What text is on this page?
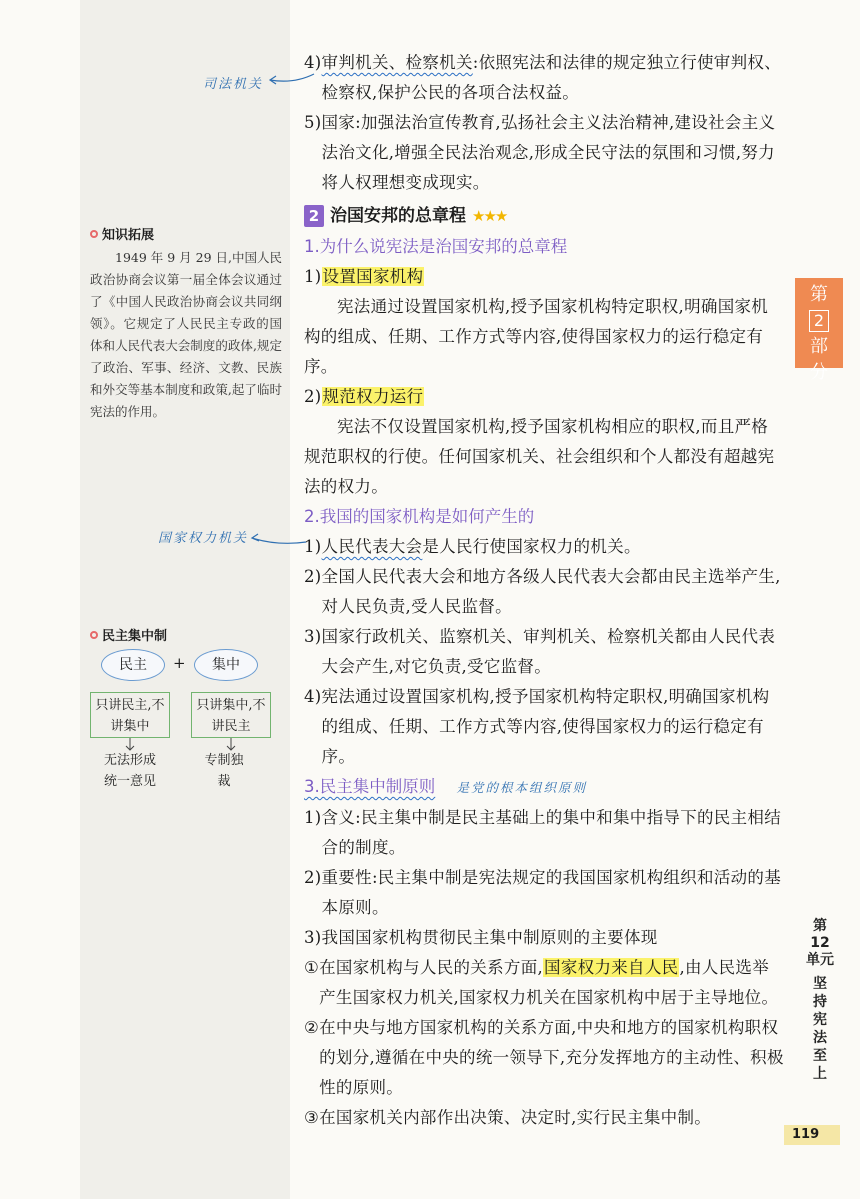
司法机关
国家权力机关
知识拓展
1949 年 9 月 29 日,中国人民政治协商会议第一届全体会议通过了《中国人民政治协商会议共同纲领》。它规定了人民民主专政的国体和人民代表大会制度的政体,规定了政治、军事、经济、文教、民族和外交等基本制度和政策,起了临时宪法的作用。
民主集中制
民主	+	集中
只讲民主,不讲集中
只讲集中,不讲民主
无法形成统一意见
专制独裁
第
2
部
分
第
12
单元
坚持宪法至上
119
4) 审判机关、检察机关:依照宪法和法律的规定独立行使审判权、检察权,保护公民的各项合法权益。
5) 国家:加强法治宣传教育,弘扬社会主义法治精神,建设社会主义法治文化,增强全民法治观念,形成全民守法的氛围和习惯,努力将人权理想变成现实。
2 治国安邦的总章程 ★★★
1.为什么说宪法是治国安邦的总章程
1)设置国家机构
宪法通过设置国家机构,授予国家机构特定职权,明确国家机构的组成、任期、工作方式等内容,使得国家权力的运行稳定有序。
2)规范权力运行
宪法不仅设置国家机构,授予国家机构相应的职权,而且严格规范职权的行使。任何国家机关、社会组织和个人都没有超越宪法的权力。
2.我国的国家机构是如何产生的
1) 人民代表大会是人民行使国家权力的机关。
2) 全国人民代表大会和地方各级人民代表大会都由民主选举产生,对人民负责,受人民监督。
3) 国家行政机关、监察机关、审判机关、检察机关都由人民代表大会产生,对它负责,受它监督。
4) 宪法通过设置国家机构,授予国家机构特定职权,明确国家机构的组成、任期、工作方式等内容,使得国家权力的运行稳定有序。
3.民主集中制原则 是党的根本组织原则
1) 含义:民主集中制是民主基础上的集中和集中指导下的民主相结合的制度。
2) 重要性:民主集中制是宪法规定的我国国家机构组织和活动的基本原则。
3) 我国国家机构贯彻民主集中制原则的主要体现
① 在国家机构与人民的关系方面,国家权力来自人民,由人民选举产生国家权力机关,国家权力机关在国家机构中居于主导地位。
② 在中央与地方国家机构的关系方面,中央和地方的国家机构职权的划分,遵循在中央的统一领导下,充分发挥地方的主动性、积极性的原则。
③ 在国家机关内部作出决策、决定时,实行民主集中制。
